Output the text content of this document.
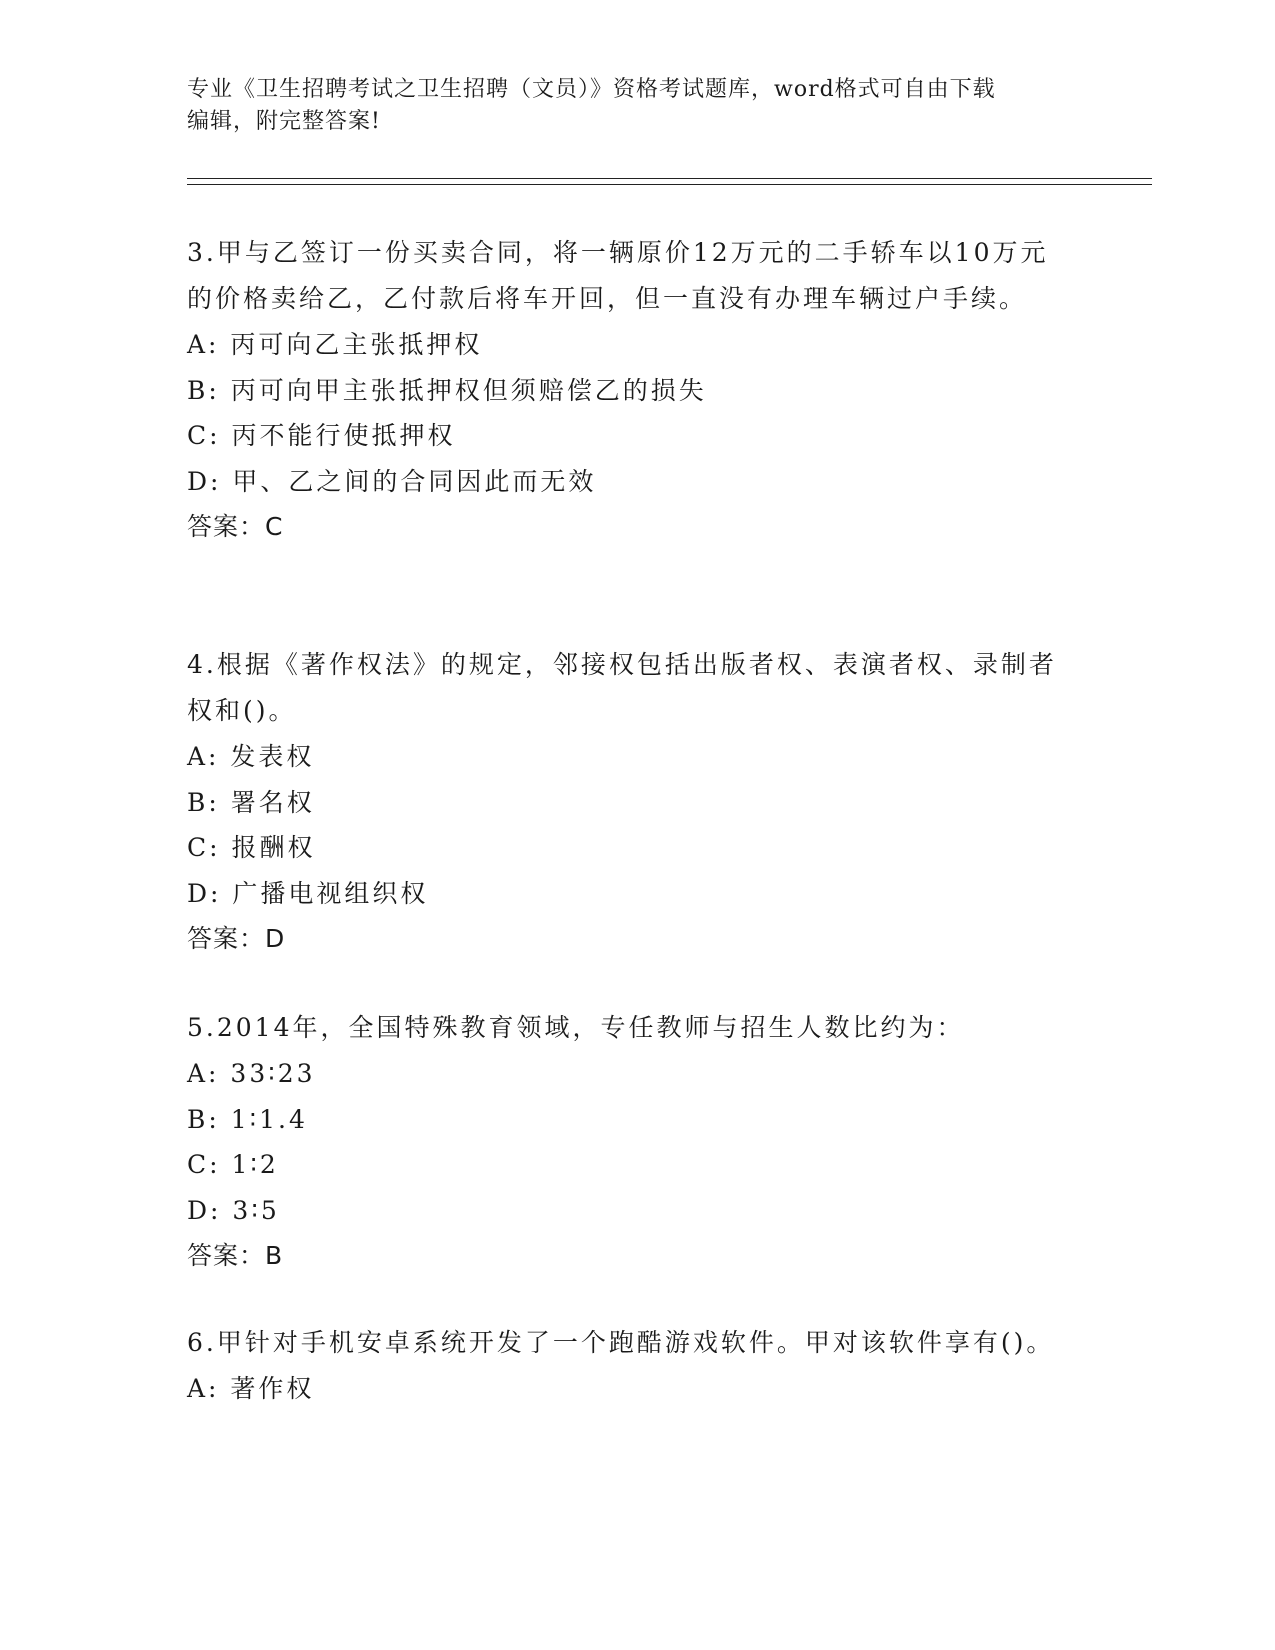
专业《卫生招聘考试之卫生招聘（文员）》资格考试题库，word格式可自由下载
编辑，附完整答案!

3.甲与乙签订一份买卖合同，将一辆原价12万元的二手轿车以10万元的价格卖给乙，乙付款后将车开回，但一直没有办理车辆过户手续。

A: 丙可向乙主张抵押权

B: 丙可向甲主张抵押权但须赔偿乙的损失

C: 丙不能行使抵押权

D: 甲、乙之间的合同因此而无效

答案：C

4.根据《著作权法》的规定，邻接权包括出版者权、表演者权、录制者权和()。

A: 发表权

B: 署名权

C: 报酬权

D: 广播电视组织权

答案：D

5.2014年，全国特殊教育领域，专任教师与招生人数比约为：

A: 33∶23

B: 1∶1.4

C: 1∶2

D: 3∶5

答案：B

6.甲针对手机安卓系统开发了一个跑酷游戏软件。甲对该软件享有()。

A: 著作权
